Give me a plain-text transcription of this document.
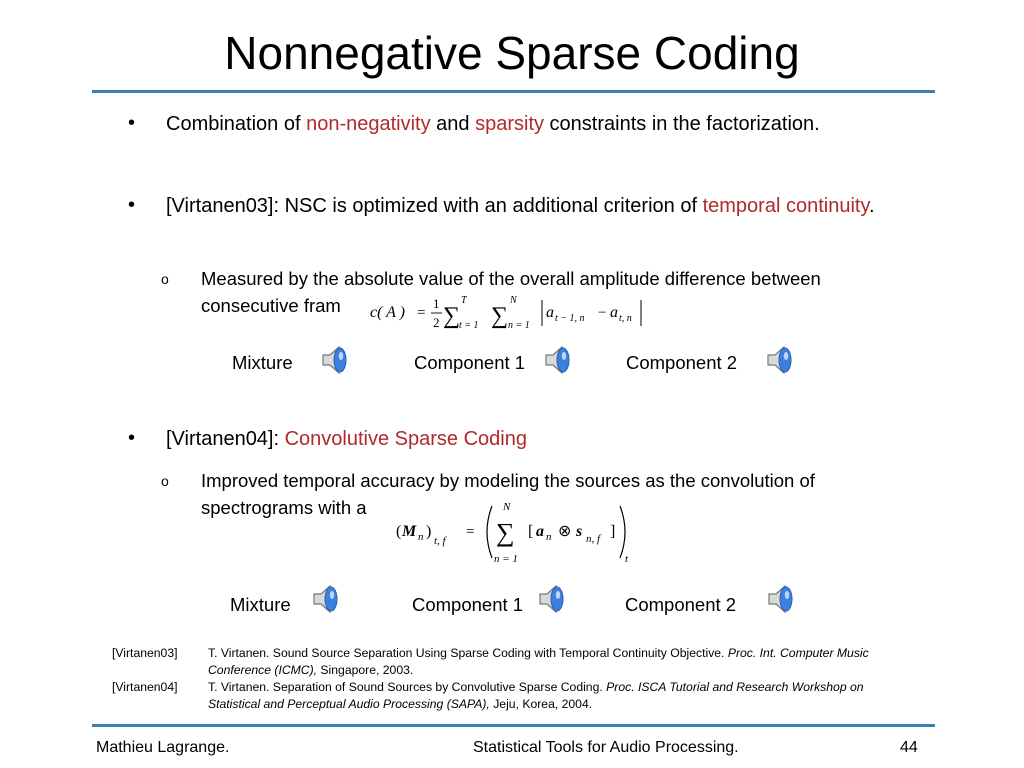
Nonnegative Sparse Coding
• Combination of non-negativity and sparsity constraints in the factorization.
• [Virtanen03]: NSC is optimized with an additional criterion of temporal continuity.
o Measured by the absolute value of the overall amplitude difference between
consecutive fram	c( A ) =
1
2 ∑
T
t = 1 ∑
N
n = 1
a t − 1, n − a t, n
Mixture	Component 1	Component 2
• [Virtanen04]: Convolutive Sparse Coding
o Improved temporal accuracy by modeling the sources as the convolution of
spectrograms with a
( M n )
t, f
=
N
∑
n = 1
[ a n ⊗ s n, f ]
t
Mixture	Component 1	Component 2
[Virtanen03]	T. Virtanen. Sound Source Separation Using Sparse Coding with Temporal Continuity Objective. Proc. Int. Computer Music Conference (ICMC), Singapore, 2003.
[Virtanen04]	T. Virtanen. Separation of Sound Sources by Convolutive Sparse Coding. Proc. ISCA Tutorial and Research Workshop on Statistical and Perceptual Audio Processing (SAPA), Jeju, Korea, 2004.
Mathieu Lagrange.	Statistical Tools for Audio Processing.	44
